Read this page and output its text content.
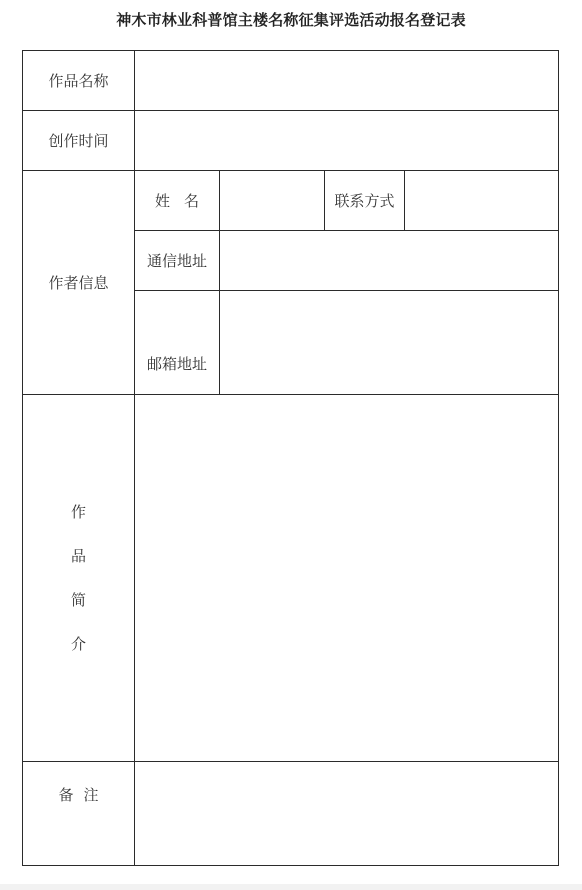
神木市林业科普馆主楼名称征集评选活动报名登记表
作品名称				
创作时间				
作者信息	姓名		联系方式	
	通信地址			
	邮箱地址			

作
品
简
介				

备注				
